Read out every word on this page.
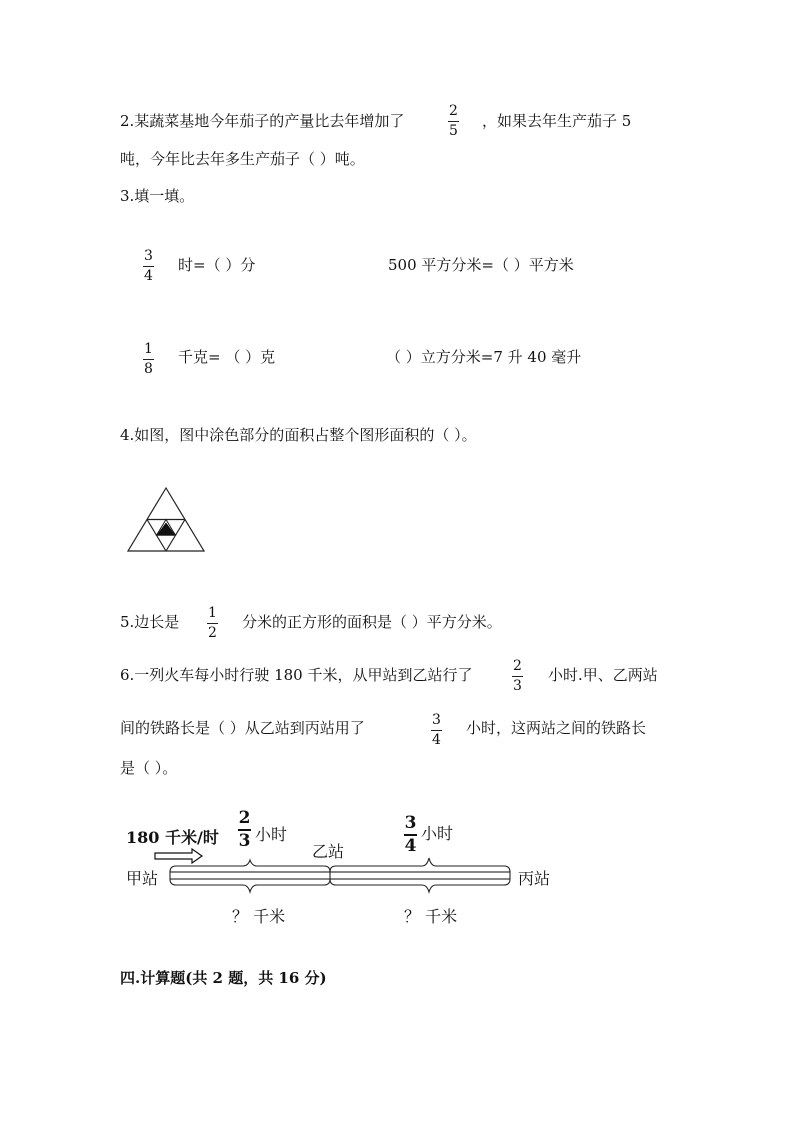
2.某蔬菜基地今年茄子的产量比去年增加了
2
5
，如果去年生产茄子 5
吨，今年比去年多生产茄子（ ）吨。
3.填一填。
3
4
时=（ ）分	500 平方分米=（ ）平方米
1
8
千克= （ ）克	（ ）立方分米=7 升 40 毫升
4.如图，图中涂色部分的面积占整个图形面积的（ ）。
5.边长是 1
2
分米的正方形的面积是（ ）平方分米。
6.一列火车每小时行驶 180 千米，从甲站到乙站行了	2
3
小时.甲、乙两站
间的铁路长是（ ）从乙站到丙站用了	3
4
小时，这两站之间的铁路长
是（ ）。
180 千米/时
2
3 小时
3
4
小时
乙站
甲站	丙站
？ 千米	？ 千米
四.计算题(共 2 题，共 16 分)
